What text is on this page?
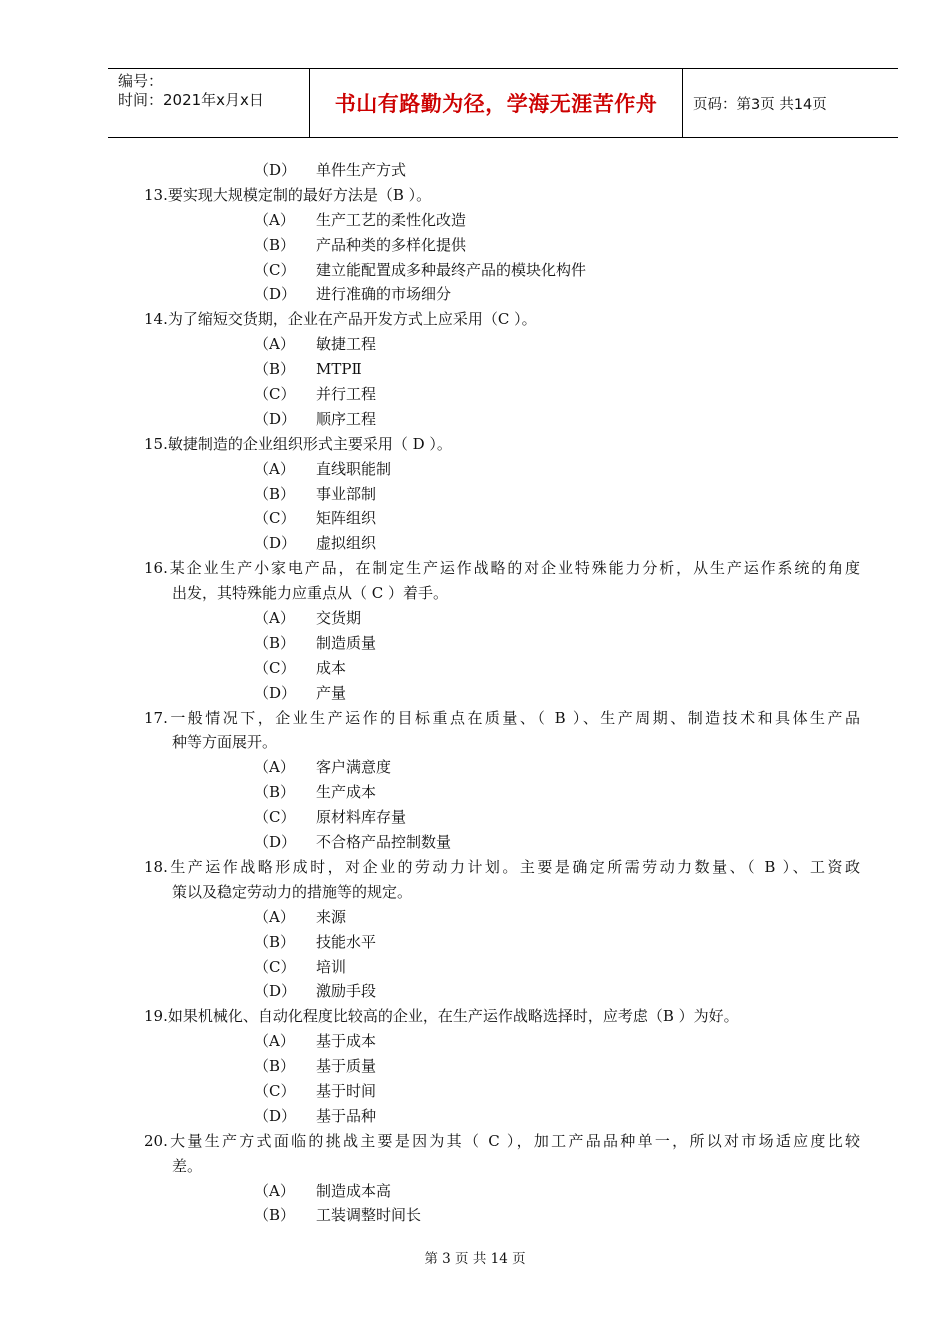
编号：
时间：2021年x月x日	书山有路勤为径，学海无涯苦作舟	页码：第3页 共14页
（D） 单件生产方式
13.要实现大规模定制的最好方法是（B ）。
（A） 生产工艺的柔性化改造
（B） 产品种类的多样化提供
（C） 建立能配置成多种最终产品的模块化构件
（D） 进行准确的市场细分
14.为了缩短交货期，企业在产品开发方式上应采用（C ）。
（A） 敏捷工程
（B） MTPⅡ
（C） 并行工程
（D） 顺序工程
15.敏捷制造的企业组织形式主要采用（ D ）。
（A） 直线职能制
（B） 事业部制
（C） 矩阵组织
（D） 虚拟组织
16.某企业生产小家电产品，在制定生产运作战略的对企业特殊能力分析，从生产运作系统的角度
出发，其特殊能力应重点从（ C ）着手。
（A） 交货期
（B） 制造质量
（C） 成本
（D） 产量
17.一般情况下，企业生产运作的目标重点在质量、（ B ）、生产周期、制造技术和具体生产品
种等方面展开。
（A） 客户满意度
（B） 生产成本
（C） 原材料库存量
（D） 不合格产品控制数量
18.生产运作战略形成时，对企业的劳动力计划。主要是确定所需劳动力数量、（ B ）、工资政
策以及稳定劳动力的措施等的规定。
（A） 来源
（B） 技能水平
（C） 培训
（D） 激励手段
19.如果机械化、自动化程度比较高的企业，在生产运作战略选择时，应考虑（B ）为好。
（A） 基于成本
（B） 基于质量
（C） 基于时间
（D） 基于品种
20.大量生产方式面临的挑战主要是因为其（ C ），加工产品品种单一，所以对市场适应度比较
差。
（A） 制造成本高
（B） 工装调整时间长
第 3 页 共 14 页
